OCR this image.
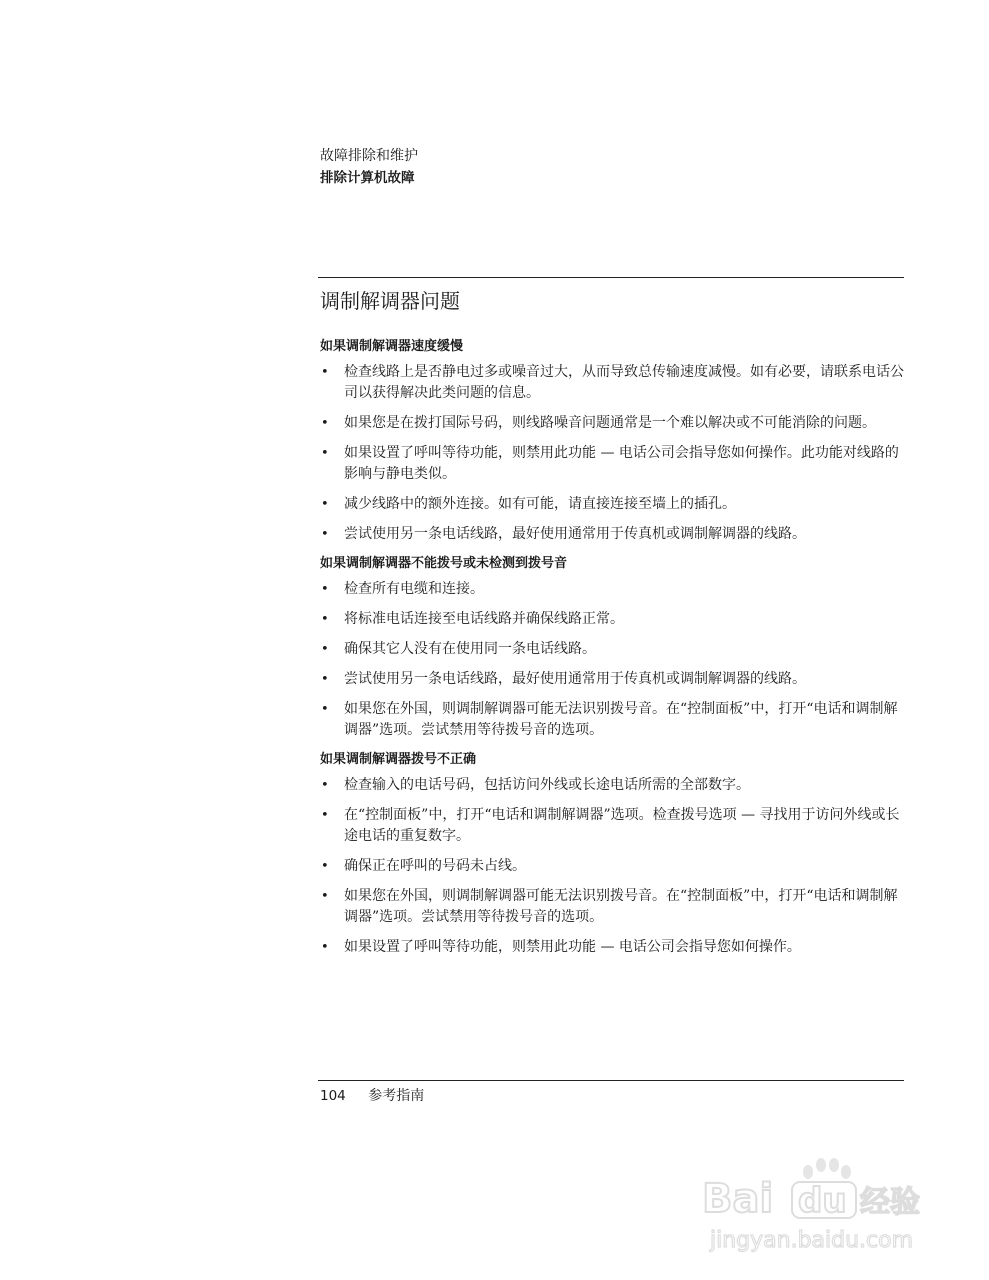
故障排除和维护
排除计算机故障
调制解调器问题
如果调制解调器速度缓慢
• 检查线路上是否静电过多或噪音过大，从而导致总传输速度减慢。如有必要，请联系电话公司以获得解决此类问题的信息。
• 如果您是在拨打国际号码，则线路噪音问题通常是一个难以解决或不可能消除的问题。
• 如果设置了呼叫等待功能，则禁用此功能 — 电话公司会指导您如何操作。此功能对线路的影响与静电类似。
• 减少线路中的额外连接。如有可能，请直接连接至墙上的插孔。
• 尝试使用另一条电话线路，最好使用通常用于传真机或调制解调器的线路。
如果调制解调器不能拨号或未检测到拨号音
• 检查所有电缆和连接。
• 将标准电话连接至电话线路并确保线路正常。
• 确保其它人没有在使用同一条电话线路。
• 尝试使用另一条电话线路，最好使用通常用于传真机或调制解调器的线路。
• 如果您在外国，则调制解调器可能无法识别拨号音。在“控制面板”中，打开“电话和调制解调器”选项。尝试禁用等待拨号音的选项。
如果调制解调器拨号不正确
• 检查输入的电话号码，包括访问外线或长途电话所需的全部数字。
• 在“控制面板”中，打开“电话和调制解调器”选项。检查拨号选项 — 寻找用于访问外线或长途电话的重复数字。
• 确保正在呼叫的号码未占线。
• 如果您在外国，则调制解调器可能无法识别拨号音。在“控制面板”中，打开“电话和调制解调器”选项。尝试禁用等待拨号音的选项。
• 如果设置了呼叫等待功能，则禁用此功能 — 电话公司会指导您如何操作。
104 参考指南
Bai du 经验
jingyan.baidu.com
